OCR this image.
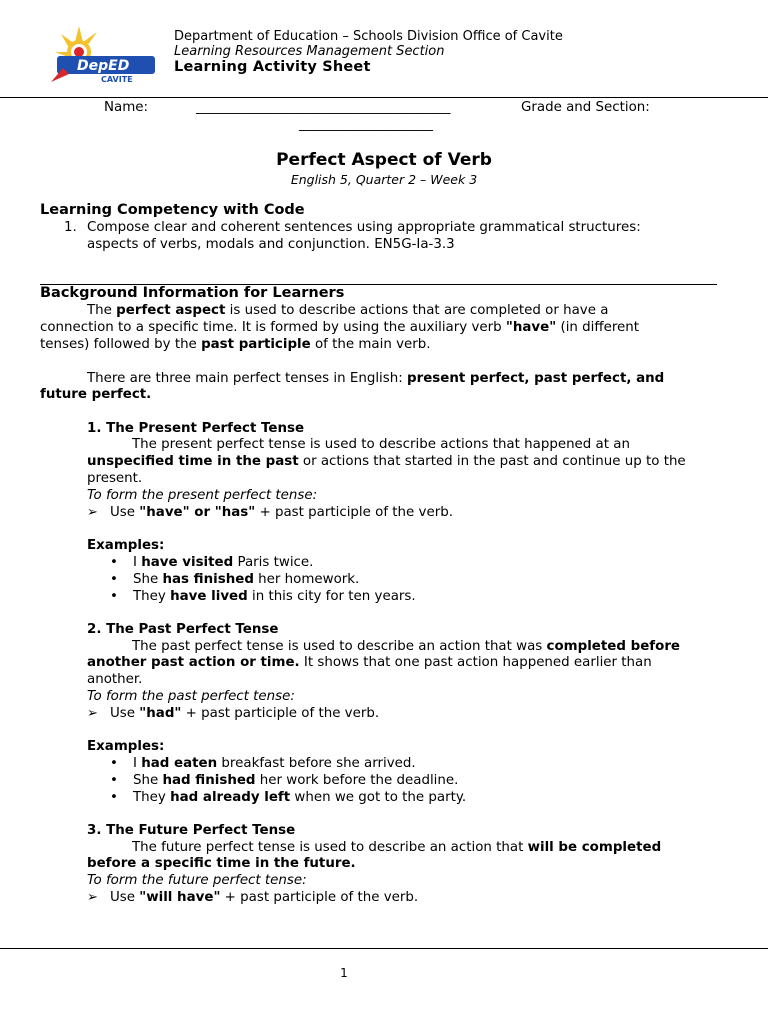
DepED
CAVITE
Department of Education – Schools Division Office of Cavite
Learning Resources Management Section
Learning Activity Sheet
Name:	______________________________________	Grade and Section:
____________________
Perfect Aspect of Verb
English 5, Quarter 2 – Week 3
Learning Competency with Code
1. Compose clear and coherent sentences using appropriate grammatical structures:
aspects of verbs, modals and conjunction. EN5G-Ia-3.3
Background Information for Learners
The perfect aspect is used to describe actions that are completed or have a
connection to a specific time. It is formed by using the auxiliary verb "have" (in different
tenses) followed by the past participle of the main verb.
There are three main perfect tenses in English: present perfect, past perfect, and
future perfect.
1. The Present Perfect Tense
The present perfect tense is used to describe actions that happened at an
unspecified time in the past or actions that started in the past and continue up to the
present.
To form the present perfect tense:
➢ Use "have" or "has" + past participle of the verb.
Examples:
• I have visited Paris twice.
• She has finished her homework.
• They have lived in this city for ten years.
2. The Past Perfect Tense
The past perfect tense is used to describe an action that was completed before
another past action or time. It shows that one past action happened earlier than
another.
To form the past perfect tense:
➢ Use "had" + past participle of the verb.
Examples:
• I had eaten breakfast before she arrived.
• She had finished her work before the deadline.
• They had already left when we got to the party.
3. The Future Perfect Tense
The future perfect tense is used to describe an action that will be completed
before a specific time in the future.
To form the future perfect tense:
➢ Use "will have" + past participle of the verb.
1
